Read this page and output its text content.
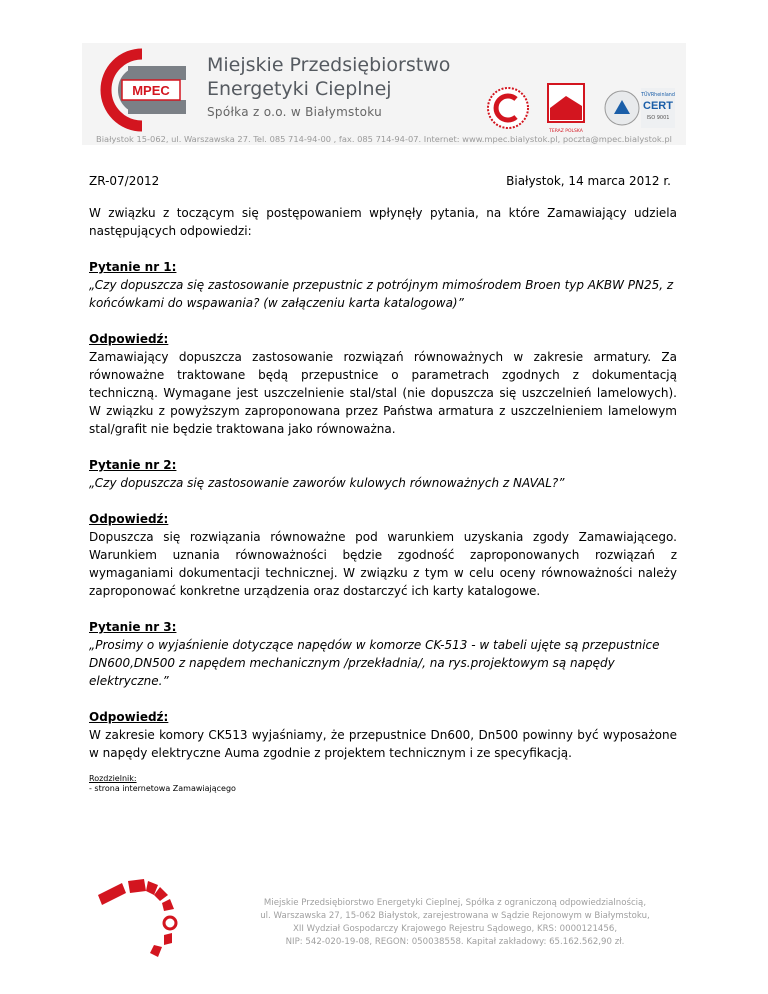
MPEC
Miejskie Przedsiębiorstwo
Energetyki Cieplnej
Spółka z o.o. w Białymstoku
TERAZ POLSKA
TÜVRheinland
CERT
ISO 9001
Białystok 15-062, ul. Warszawska 27. Tel. 085 714-94-00 , fax. 085 714-94-07. Internet: www.mpec.bialystok.pl, poczta@mpec.bialystok.pl
ZR-07/2012	Białystok, 14 marca 2012 r.

W związku z toczącym się postępowaniem wpłynęły pytania, na które Zamawiający udziela następujących odpowiedzi:

Pytanie nr 1:

„Czy dopuszcza się zastosowanie przepustnic z potrójnym mimośrodem Broen typ AKBW PN25, z końcówkami do wspawania? (w załączeniu karta katalogowa)”

Odpowiedź:

Zamawiający dopuszcza zastosowanie rozwiązań równoważnych w zakresie armatury. Za równoważne traktowane będą przepustnice o parametrach zgodnych z dokumentacją techniczną. Wymagane jest uszczelnienie stal/stal (nie dopuszcza się uszczelnień lamelowych). W związku z powyższym zaproponowana przez Państwa armatura z uszczelnieniem lamelowym stal/grafit nie będzie traktowana jako równoważna.

Pytanie nr 2:

„Czy dopuszcza się zastosowanie zaworów kulowych równoważnych z NAVAL?”

Odpowiedź:

Dopuszcza się rozwiązania równoważne pod warunkiem uzyskania zgody Zamawiającego. Warunkiem uznania równoważności będzie zgodność zaproponowanych rozwiązań z wymaganiami dokumentacji technicznej. W związku z tym w celu oceny równoważności należy zaproponować konkretne urządzenia oraz dostarczyć ich karty katalogowe.

Pytanie nr 3:

„Prosimy o wyjaśnienie dotyczące napędów w komorze CK-513 - w tabeli ujęte są przepustnice DN600,DN500 z napędem mechanicznym /przekładnia/, na rys.projektowym są napędy elektryczne.”

Odpowiedź:

W zakresie komory CK513 wyjaśniamy, że przepustnice Dn600, Dn500 powinny być wyposażone w napędy elektryczne Auma zgodnie z projektem technicznym i ze specyfikacją.

Rozdzielnik:
- strona internetowa Zamawiającego
Miejskie Przedsiębiorstwo Energetyki Cieplnej, Spółka z ograniczoną odpowiedzialnością,
ul. Warszawska 27, 15-062 Białystok, zarejestrowana w Sądzie Rejonowym w Białymstoku,
XII Wydział Gospodarczy Krajowego Rejestru Sądowego, KRS: 0000121456,
NIP: 542-020-19-08, REGON: 050038558. Kapitał zakładowy: 65.162.562,90 zł.
